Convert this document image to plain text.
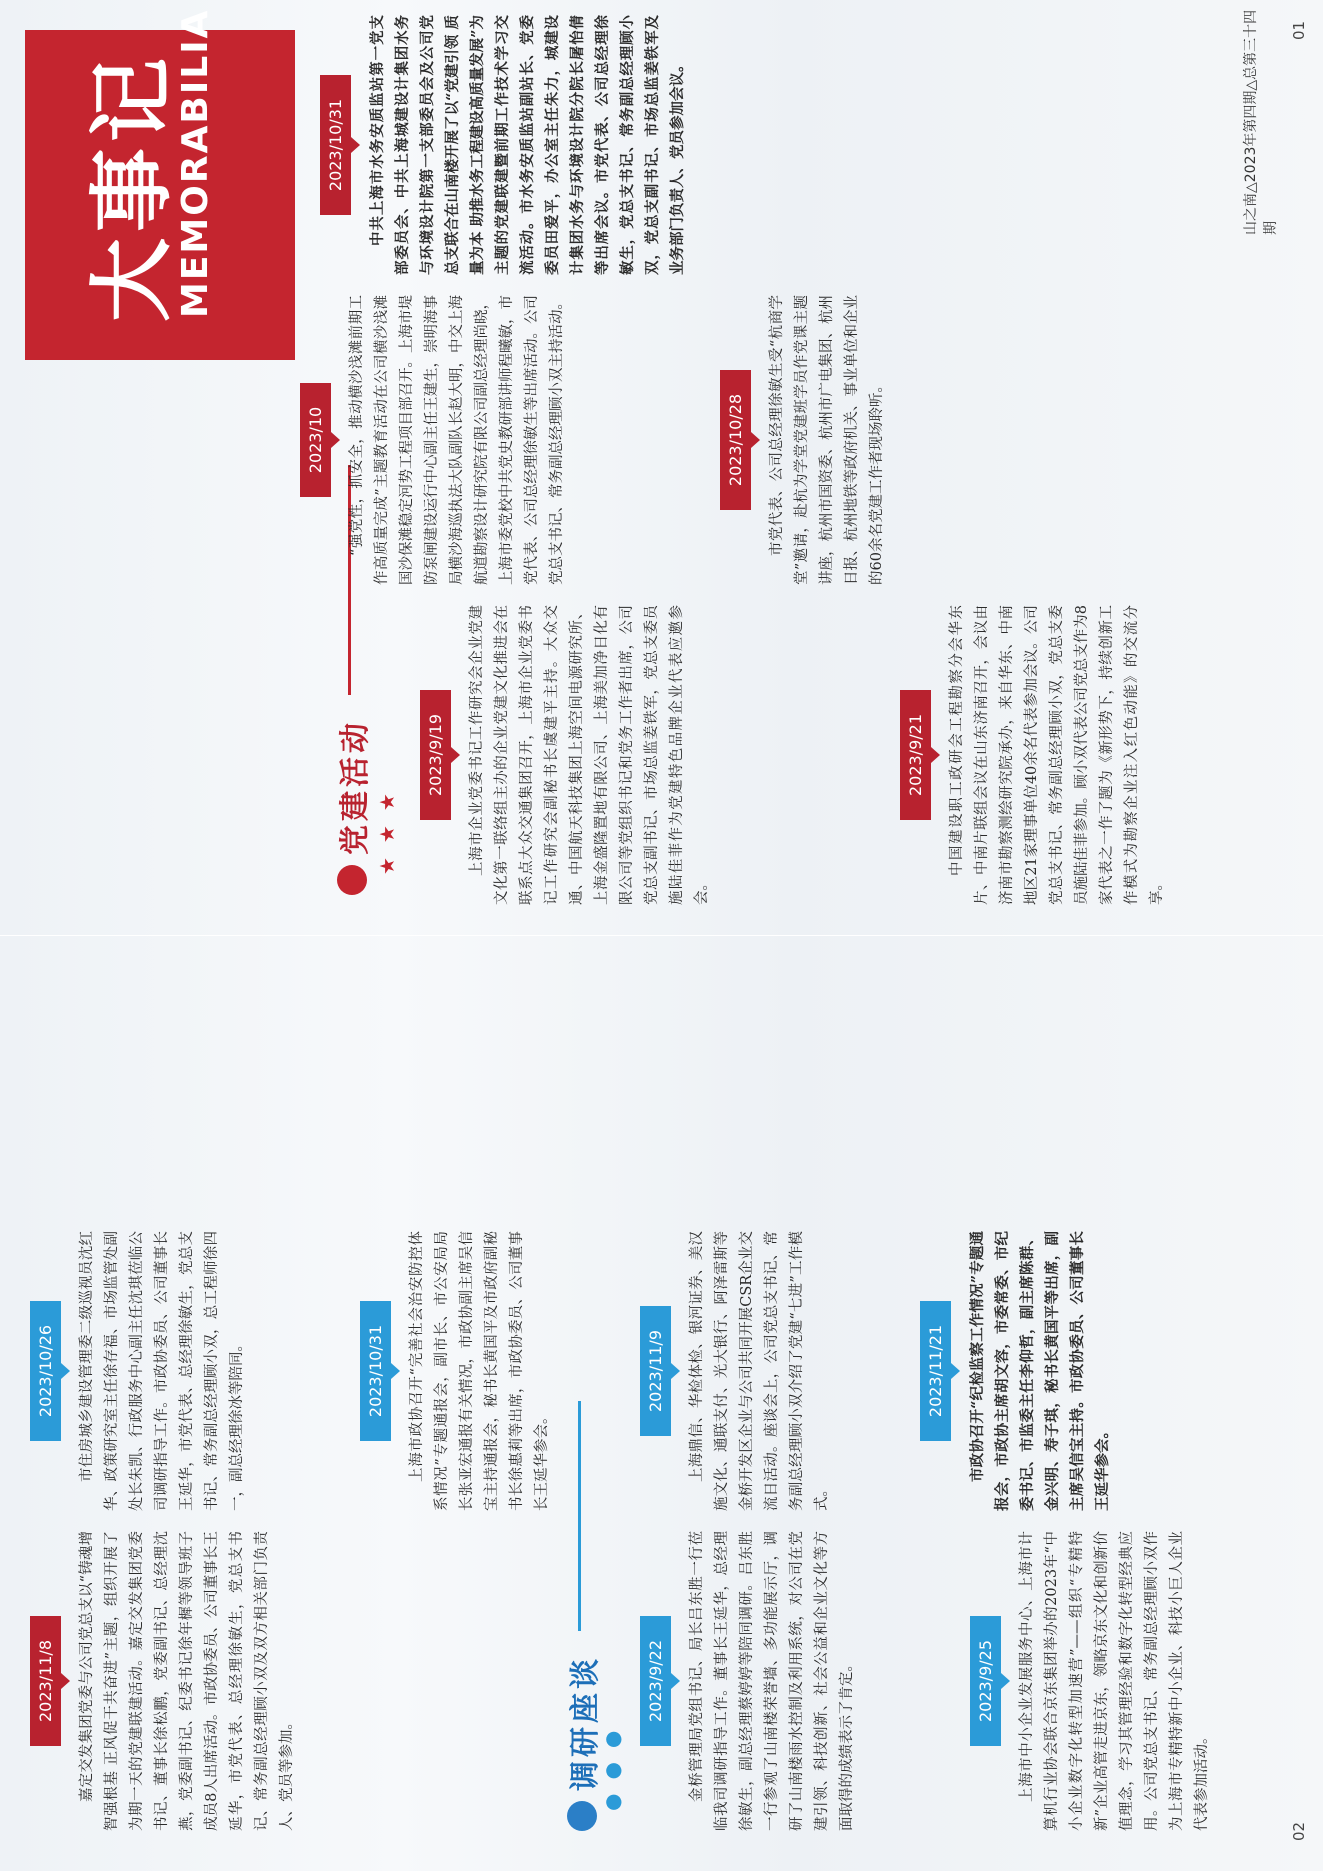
02
调研座谈
●●●
2023/11/8	嘉定交发集团党委与公司党总支以“铸魂增智强根基 正风促干共奋进”主题，组织开展了为期一天的党建联建活动。嘉定交发集团党委书记、董事长徐松鹏，党委副书记、总经理沈燕，党委副书记、纪委书记徐年樨等领导班子成员8人出席活动。市政协委员、公司董事长王延华，市党代表、总经理徐敏生，党总支书记、常务副总经理顾小双及双方相关部门负责人、党员等参加。

2023/9/22	金桥管理局党组书记、局长吕东胜一行莅临我司调研指导工作。董事长王延华，总经理徐敏生，副总经理蔡婷婷等陪同调研。吕东胜一行参观了山南楼荣誉墙、多功能展示厅，调研了山南楼雨水控制及利用系统，对公司在党建引领、科技创新、社会公益和企业文化等方面取得的成绩表示了肯定。	2023/9/25	上海市中小企业发展服务中心、上海市计算机行业协会联合京东集团举办的2023年“中小企业数字化转型加速营”——组织“专精特新”企业高管走进京东，领略京东文化和创新价值理念，学习其管理经验和数字化转型经典应用。公司党总支书记、常务副总经理顾小双作为上海市专精特新中小企业、科技小巨人企业代表参加活动。

2023/10/26	市住房城乡建设管理委二级巡视员沈红华、政策研究室主任徐存福、市场监管处副处长朱凯、行政服务中心副主任沈琪莅临公司调研指导工作。市政协委员、公司董事长王延华，市党代表、总经理徐敏生，党总支书记、常务副总经理顾小双，总工程师徐四一，副总经理徐冰等陪同。	2023/10/31	上海市政协召开“完善社会治安防控体系情况”专题通报会，副市长、市公安局局长张亚宏通报有关情况，市政协副主席吴信宝主持通报会，秘书长黄国平及市政府副秘书长徐惠莉等出席，市政协委员、公司董事长王延华参会。

2023/11/9	上海鼎信、华检体检、银河证券、美汉施文化、通联支付、光大银行、阿泽雷斯等金桥开发区企业与公司共同开展CSR企业交流日活动。座谈会上，公司党总支书记、常务副总经理顾小双介绍了党建“七进”工作模式。

2023/11/21	市政协召开“纪检监察工作情况”专题通报会，市政协主席胡文容，市委常委、市纪委书记、市监委主任李仰哲，副主席陈群、金兴明、寿子琪，秘书长黄国平等出席，副主席吴信宝主持。市政协委员、公司董事长王延华参会。

山之南△2023年第四期△总第三十四期
01
大事记
MEMORABILIA
党建活动 ★★★
2023/9/19	上海市企业党委书记工作研究会企业党建文化第一联络组主办的企业党建文化推进会在联系点大众交通集团召开，上海市企业党委书记工作研究会副秘书长虞建平主持。大众交通、中国航天科技集团上海空间电源研究所、上海金盛隆置地有限公司、上海美加净日化有限公司等党组织书记和党务工作者出席，公司党总支副书记、市场总监姜铁军，党总支委员施陆佳菲作为党建特色品牌企业代表应邀参会。

2023/9/21	中国建设职工政研会工程勘察分会华东片、中南片联组会议在山东济南召开，会议由济南市勘察测绘研究院承办，来自华东、中南地区21家理事单位40余名代表参加会议。公司党总支书记、常务副总经理顾小双，党总支委员施陆佳菲参加。顾小双代表公司党总支作为8家代表之一作了题为《新形势下，持续创新工作模式为勘察企业注入红色动能》的交流分享。

2023/10	“强党性，抓安全，推动横沙浅滩前期工作高质量完成”主题教育活动在公司横沙浅滩国沙保滩稳定河势工程项目部召开。上海市堤防泵闸建设运行中心副主任王建生，崇明海事局横沙海巡执法大队副队长赵大明，中交上海航道勘察设计研究院有限公司副总经理尚晓，上海市委党校中共党史教研部讲师程曦敏，市党代表、公司总经理徐敏生等出席活动。公司党总支书记、常务副总经理顾小双主持活动。	2023/10/28	市党代表、公司总经理徐敏生受“杭商学堂”邀请，赴杭为学堂党建班学员作党课主题讲座，杭州市国资委、杭州市广电集团、杭州日报、杭州地铁等政府机关、事业单位和企业的60余名党建工作者现场聆听。

2023/10/31	中共上海市水务安质监站第一党支部委员会、中共上海城建设计集团水务与环境设计院第一支部委员会及公司党总支联合在山南楼开展了以“党建引领 质量为本 助推水务工程建设高质量发展”为主题的党建联建暨前期工作技术学习交流活动。市水务安质监站副站长、党委委员田爱平，办公室主任朱力，城建设计集团水务与环境设计院分院长屠怡倩等出席会议。市党代表、公司总经理徐敏生，党总支书记、常务副总经理顾小双，党总支副书记、市场总监姜铁军及业务部门负责人、党员参加会议。
